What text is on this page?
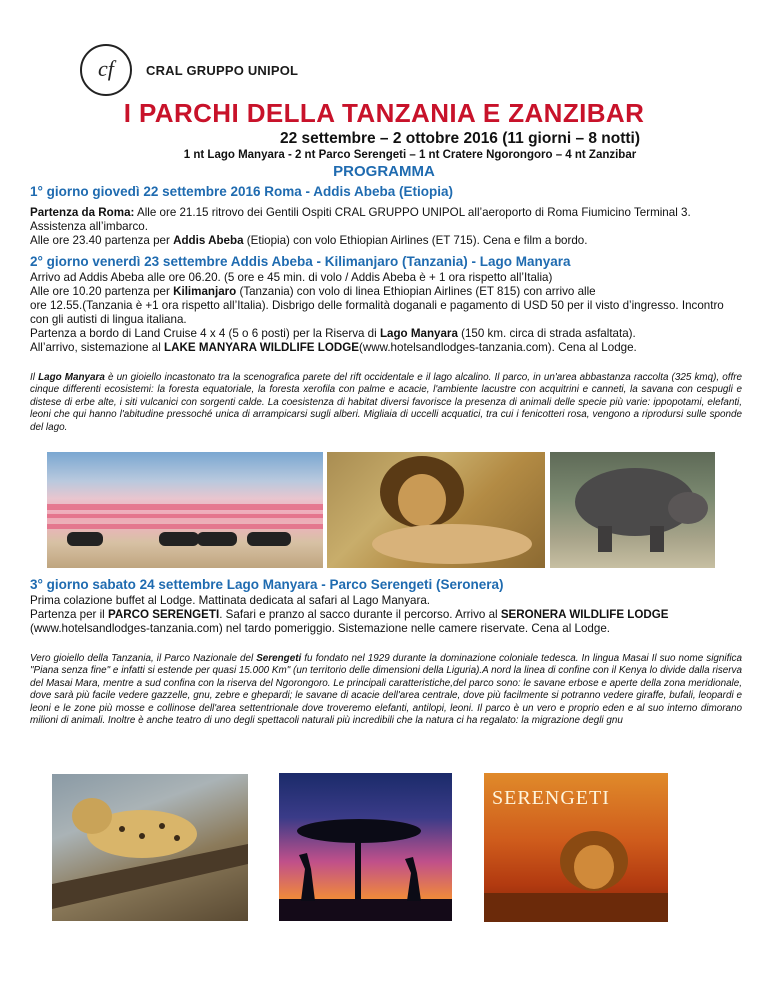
cf	CRAL GRUPPO UNIPOL
I PARCHI DELLA TANZANIA E ZANZIBAR
22 settembre – 2 ottobre 2016 (11 giorni – 8 notti)
1 nt Lago Manyara - 2 nt Parco Serengeti – 1 nt Cratere Ngorongoro – 4 nt Zanzibar
PROGRAMMA
1° giorno giovedì 22 settembre 2016 Roma - Addis Abeba (Etiopia)

Partenza da Roma: Alle ore 21.15 ritrovo dei Gentili Ospiti CRAL GRUPPO UNIPOL all’aeroporto di Roma Fiumicino Terminal 3. Assistenza all’imbarco.

Alle ore 23.40 partenza per Addis Abeba (Etiopia) con volo Ethiopian Airlines (ET 715). Cena e film a bordo.

2° giorno venerdì 23 settembre Addis Abeba - Kilimanjaro (Tanzania) - Lago Manyara

Arrivo ad Addis Abeba alle ore 06.20. (5 ore e 45 min. di volo / Addis Abeba è + 1 ora rispetto all’Italia)

Alle ore 10.20 partenza per Kilimanjaro (Tanzania) con volo di linea Ethiopian Airlines (ET 815) con arrivo alle

ore 12.55.(Tanzania è +1 ora rispetto all’Italia). Disbrigo delle formalità doganali e pagamento di USD 50 per il visto d’ingresso. Incontro con gli autisti di lingua italiana.

Partenza a bordo di Land Cruise 4 x 4 (5 o 6 posti) per la Riserva di Lago Manyara (150 km. circa di strada asfaltata).

All’arrivo, sistemazione al LAKE MANYARA WILDLIFE LODGE(www.hotelsandlodges-tanzania.com). Cena al Lodge.

Il Lago Manyara è un gioiello incastonato tra la scenografica parete del rift occidentale e il lago alcalino. Il parco, in un'area abbastanza raccolta (325 kmq), offre cinque differenti ecosistemi: la foresta equatoriale, la foresta xerofila con palme e acacie, l'ambiente lacustre con acquitrini e canneti, la savana con cespugli e distese di erbe alte, i siti vulcanici con sorgenti calde. La coesistenza di habitat diversi favorisce la presenza di animali delle specie più varie: ippopotami, elefanti, leoni che qui hanno l'abitudine pressoché unica di arrampicarsi sugli alberi. Migliaia di uccelli acquatici, tra cui i fenicotteri rosa, vengono a riprodursi sulle sponde del lago.

3° giorno sabato 24 settembre Lago Manyara - Parco Serengeti (Seronera)

Prima colazione buffet al Lodge. Mattinata dedicata al safari al Lago Manyara.

Partenza per il PARCO SERENGETI. Safari e pranzo al sacco durante il percorso. Arrivo al SERONERA WILDLIFE LODGE (www.hotelsandlodges-tanzania.com) nel tardo pomeriggio. Sistemazione nelle camere riservate. Cena al Lodge.

Vero gioiello della Tanzania, il Parco Nazionale del Serengeti fu fondato nel 1929 durante la dominazione coloniale tedesca. In lingua Masai Il suo nome significa "Piana senza fine" e infatti si estende per quasi 15.000 Km" (un territorio delle dimensioni della Liguria).A nord la linea di confine con il Kenya lo divide dalla riserva del Masai Mara, mentre a sud confina con la riserva del Ngorongoro. Le principali caratteristiche,del parco sono: le savane erbose e aperte della zona meridionale, dove sarà più facile vedere gazzelle, gnu, zebre e ghepardi; le savane di acacie dell'area centrale, dove più facilmente si potranno vedere giraffe, bufali, leopardi e leoni e le zone più mosse e collinose dell'area settentrionale dove troveremo elefanti, antilopi, leoni. Il parco è un vero e proprio eden e al suo interno dimorano milioni di animali. Inoltre è anche teatro di uno degli spettacoli naturali più incredibili che la natura ci ha regalato: la migrazione degli gnu

SERENGETI
